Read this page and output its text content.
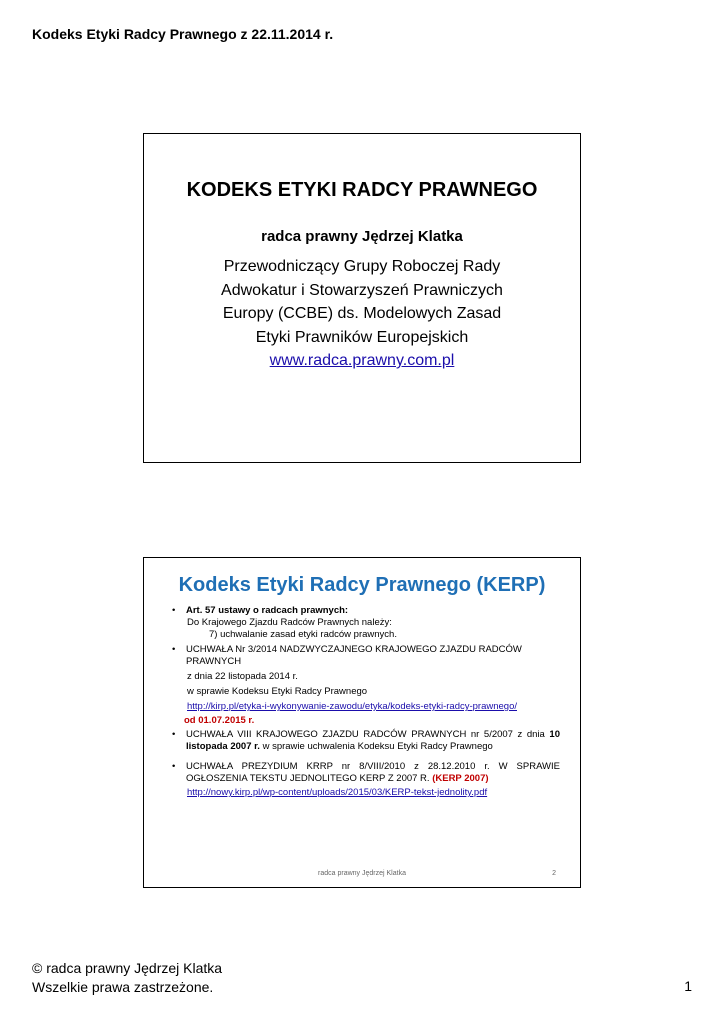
Kodeks Etyki Radcy Prawnego z 22.11.2014 r.
KODEKS ETYKI RADCY PRAWNEGO
radca prawny Jędrzej Klatka
Przewodniczący Grupy Roboczej Rady
Adwokatur i Stowarzyszeń Prawniczych
Europy (CCBE) ds. Modelowych Zasad
Etyki Prawników Europejskich
www.radca.prawny.com.pl
Kodeks Etyki Radcy Prawnego (KERP)
• Art. 57 ustawy o radcach prawnych:
Do Krajowego Zjazdu Radców Prawnych należy:
7) uchwalanie zasad etyki radców prawnych.
• UCHWAŁA Nr 3/2014 NADZWYCZAJNEGO KRAJOWEGO ZJAZDU RADCÓW PRAWNYCH
z dnia 22 listopada 2014 r.
w sprawie Kodeksu Etyki Radcy Prawnego
http://kirp.pl/etyka-i-wykonywanie-zawodu/etyka/kodeks-etyki-radcy-prawnego/
od 01.07.2015 r.
• UCHWAŁA VIII KRAJOWEGO ZJAZDU RADCÓW PRAWNYCH nr 5/2007 z dnia 10 listopada 2007 r. w sprawie uchwalenia Kodeksu Etyki Radcy Prawnego
• UCHWAŁA PREZYDIUM KRRP nr 8/VIII/2010 z 28.12.2010 r. W SPRAWIE OGŁOSZENIA TEKSTU JEDNOLITEGO KERP Z 2007 R. (KERP 2007)
http://nowy.kirp.pl/wp-content/uploads/2015/03/KERP-tekst-jednolity.pdf
radca prawny Jędrzej Klatka	2
© radca prawny Jędrzej Klatka
Wszelkie prawa zastrzeżone.	1
